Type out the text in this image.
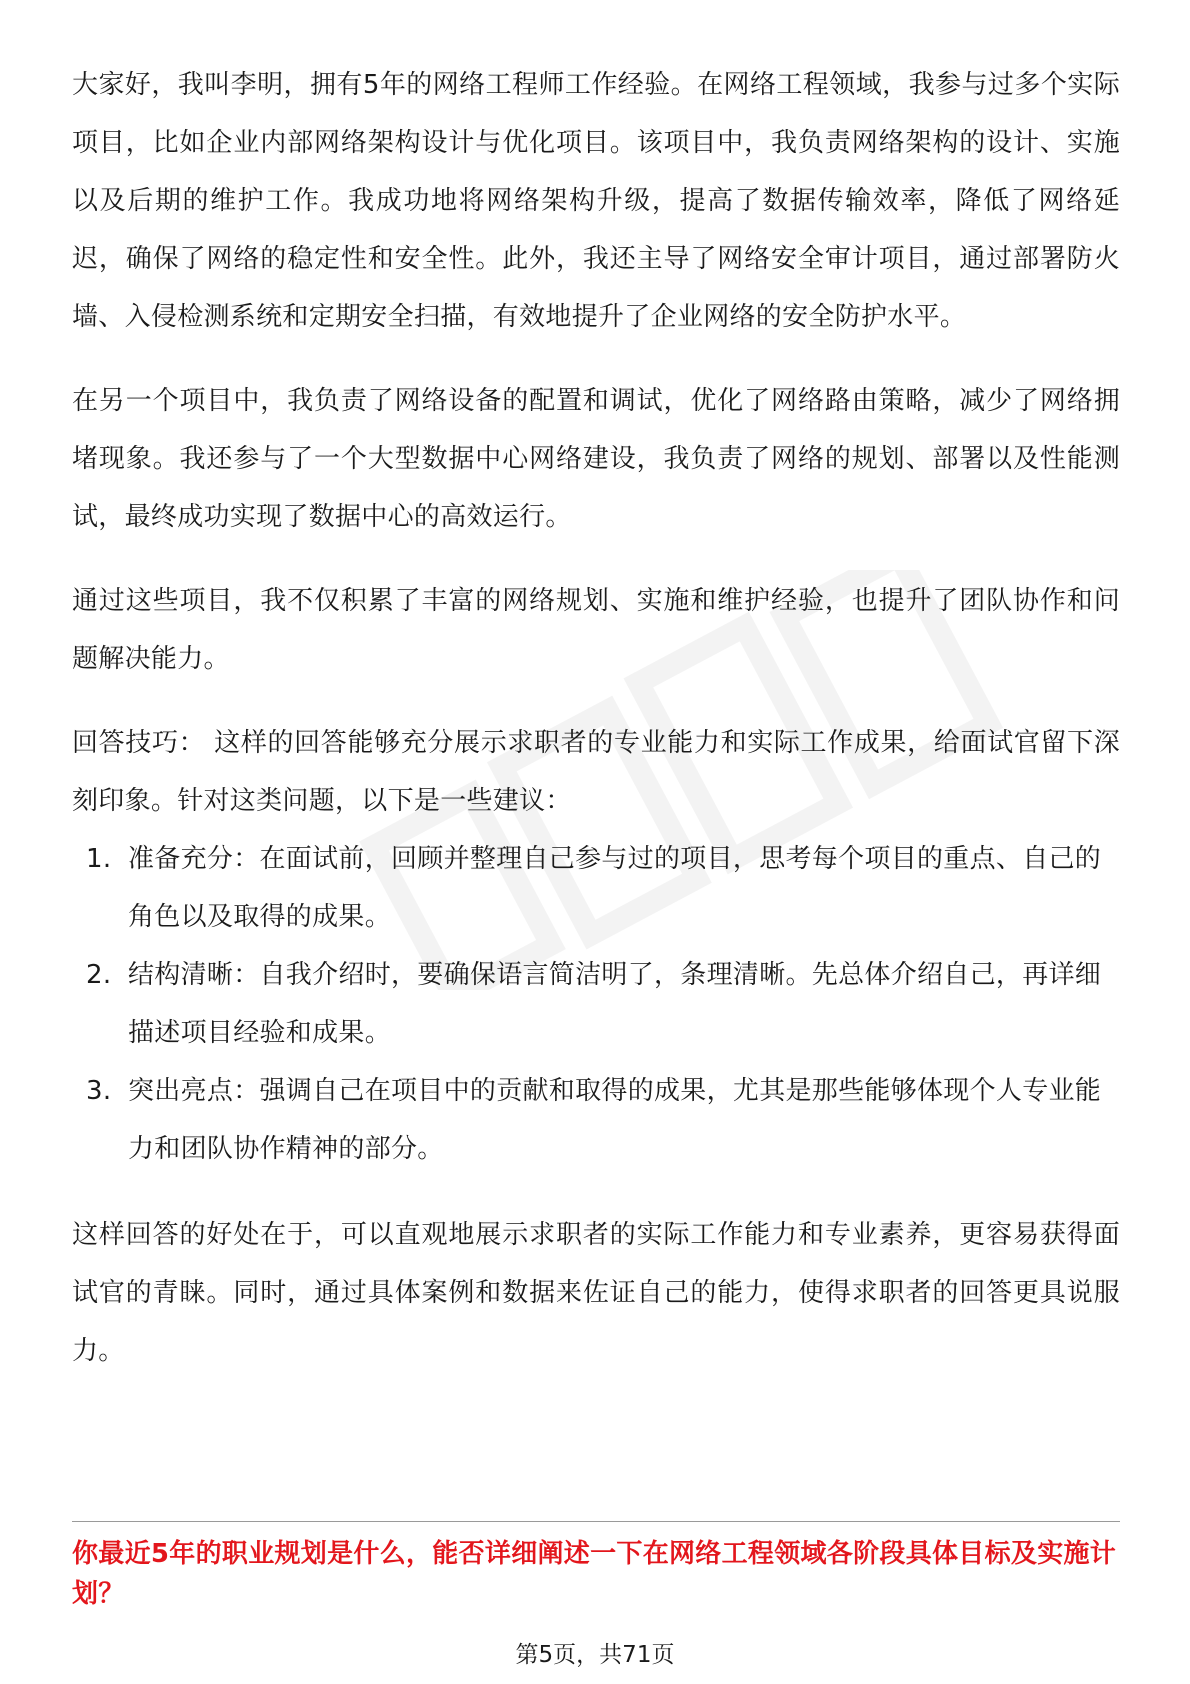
大家好，我叫李明，拥有5年的网络工程师工作经验。在网络工程领域，我参与过多个实际项目，比如企业内部网络架构设计与优化项目。该项目中，我负责网络架构的设计、实施以及后期的维护工作。我成功地将网络架构升级，提高了数据传输效率，降低了网络延迟，确保了网络的稳定性和安全性。此外，我还主导了网络安全审计项目，通过部署防火墙、入侵检测系统和定期安全扫描，有效地提升了企业网络的安全防护水平。

在另一个项目中，我负责了网络设备的配置和调试，优化了网络路由策略，减少了网络拥堵现象。我还参与了一个大型数据中心网络建设，我负责了网络的规划、部署以及性能测试，最终成功实现了数据中心的高效运行。

通过这些项目，我不仅积累了丰富的网络规划、实施和维护经验，也提升了团队协作和问题解决能力。

回答技巧： 这样的回答能够充分展示求职者的专业能力和实际工作成果，给面试官留下深刻印象。针对这类问题，以下是一些建议：

1. 准备充分：在面试前，回顾并整理自己参与过的项目，思考每个项目的重点、自己的角色以及取得的成果。
2. 结构清晰：自我介绍时，要确保语言简洁明了，条理清晰。先总体介绍自己，再详细描述项目经验和成果。
3. 突出亮点：强调自己在项目中的贡献和取得的成果，尤其是那些能够体现个人专业能力和团队协作精神的部分。

这样回答的好处在于，可以直观地展示求职者的实际工作能力和专业素养，更容易获得面试官的青睐。同时，通过具体案例和数据来佐证自己的能力，使得求职者的回答更具说服力。

你最近5年的职业规划是什么，能否详细阐述一下在网络工程领域各阶段具体目标及实施计划？

第5页，共71页
